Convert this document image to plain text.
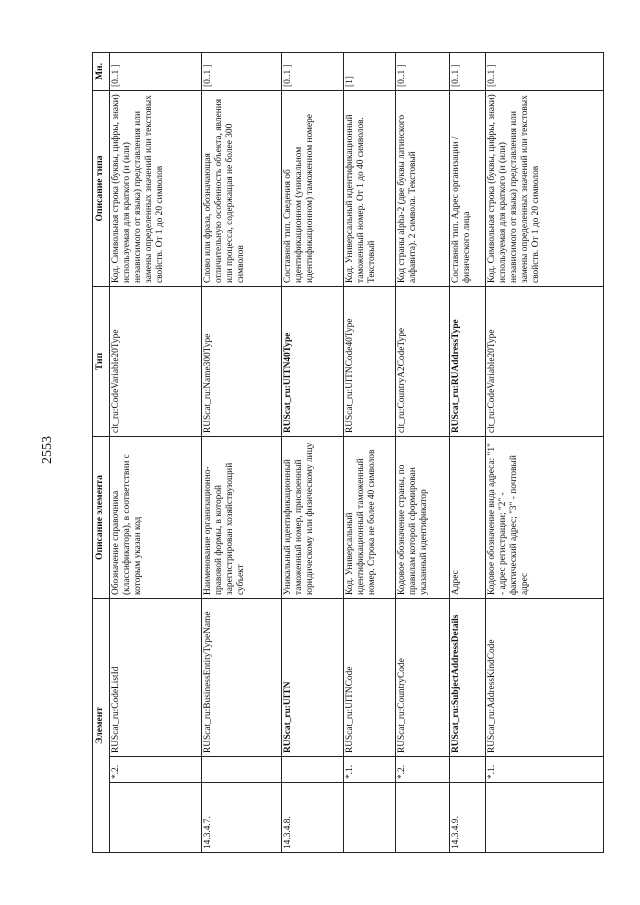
2553
Элемент			Описание элемента	Тип	Описание типа	Мн.
	*.2.	RUScat_ru:CodeListId	Обозначение справочника (классификатора), в соответствии с которым указан код	clt_ru:CodeVariable20Type	Код. Символьная строка (буквы, цифры, знаки) используемая для краткого (и (или) независимого от языка) представления или замены определенных значений или текстовых свойств. От 1 до 20 символов	[0..1 ]
14.3.4.7.		RUScat_ru:BusinessEntityTypeName	Наименование организационно-правовой формы, в которой зарегистрирован хозяйствующий субъект	RUScat_ru:Name300Type	Слово или фраза, обозначающая отличительную особенность объекта, явления или процесса, содержащая не более 300 символов	[0..1 ]
14.3.4.8.		RUScat_ru:UITN	Уникальный идентификационный таможенный номер, присвоенный юридическому или физическому лицу	RUScat_ru:UITN40Type	Составной тип. Сведения об идентификационном (уникальном идентификационном) таможенном номере	[0..1 ]
	*.1.	RUScat_ru:UITNCode	Код. Универсальный идентификационный таможенный номер. Строка не более 40 символов	RUScat_ru:UITNCode40Type	Код. Универсальный идентификационный таможенный номер. От 1 до 40 символов. Текстовый	[1]
	*.2.	RUScat_ru:CountryCode	Кодовое обозначение страны, по правилам которой сформирован указанный идентификатор	clt_ru:CountryA2CodeType	Код страны alpha-2 (две буквы латинского алфавита). 2 символа. Текстовый	[0..1 ]
14.3.4.9.		RUScat_ru:SubjectAddressDetails	Адрес	RUScat_ru:RUAddressType	Составной тип. Адрес организации / физического лица	[0..1 ]
	*.1.	RUScat_ru:AddressKindCode	Кодовое обозначение вида адреса: "1" - адрес регистрации; "2" - фактический адрес; "3" - почтовый адрес	clt_ru:CodeVariable20Type	Код. Символьная строка (буквы, цифры, знаки) используемая для краткого (и (или) независимого от языка) представления или замены определенных значений или текстовых свойств. От 1 до 20 символов	[0..1 ]
